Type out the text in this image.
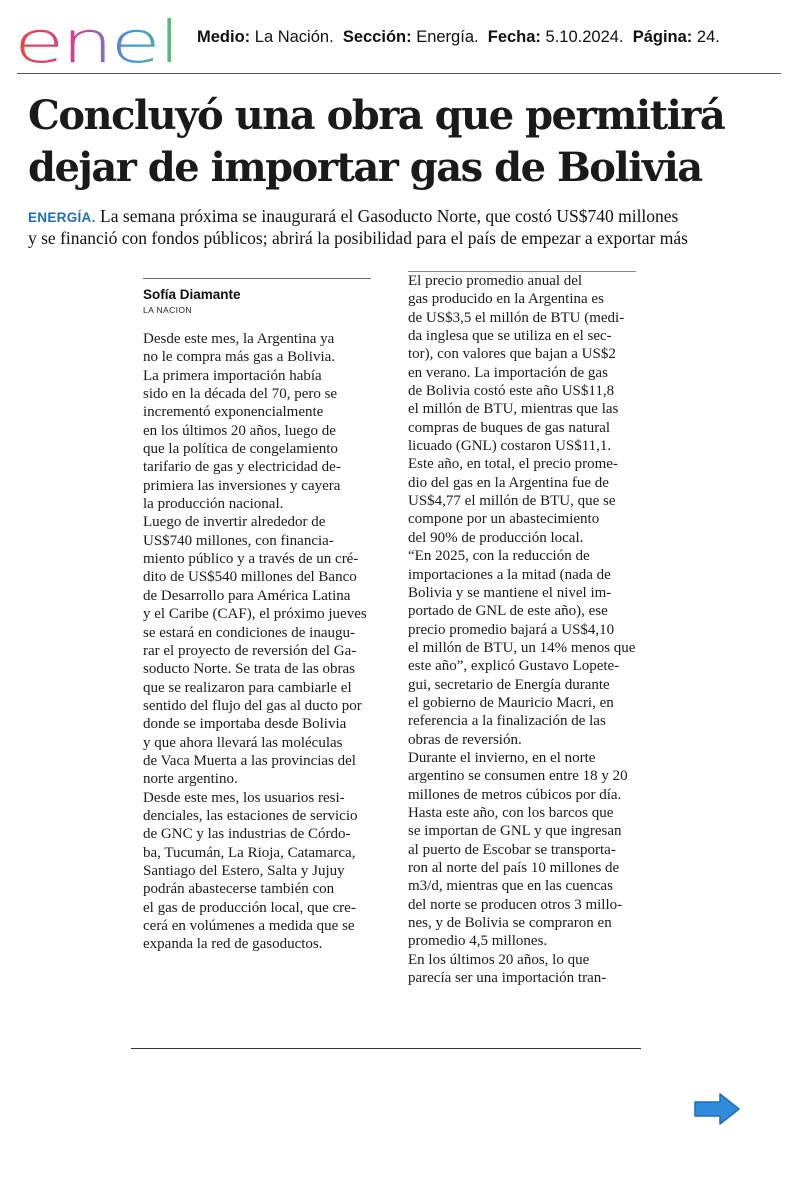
enel Medio: La Nación. Sección: Energía. Fecha: 5.10.2024. Página: 24.
Concluyó una obra que permitirá
dejar de importar gas de Bolivia
ENERGÍA. La semana próxima se inaugurará el Gasoducto Norte, que costó US$740 millones
y se financió con fondos públicos; abrirá la posibilidad para el país de empezar a exportar más
Sofía Diamante
LA NACION
Desde este mes, la Argentina ya
no le compra más gas a Bolivia.
La primera importación había
sido en la década del 70, pero se
incrementó exponencialmente
en los últimos 20 años, luego de
que la política de congelamiento
tarifario de gas y electricidad de-
primiera las inversiones y cayera
la producción nacional.
Luego de invertir alrededor de
US$740 millones, con financia-
miento público y a través de un cré-
dito de US$540 millones del Banco
de Desarrollo para América Latina
y el Caribe (CAF), el próximo jueves
se estará en condiciones de inaugu-
rar el proyecto de reversión del Ga-
soducto Norte. Se trata de las obras
que se realizaron para cambiarle el
sentido del flujo del gas al ducto por
donde se importaba desde Bolivia
y que ahora llevará las moléculas
de Vaca Muerta a las provincias del
norte argentino.
Desde este mes, los usuarios resi-
denciales, las estaciones de servicio
de GNC y las industrias de Córdo-
ba, Tucumán, La Rioja, Catamarca,
Santiago del Estero, Salta y Jujuy
podrán abastecerse también con
el gas de producción local, que cre-
cerá en volúmenes a medida que se
expanda la red de gasoductos.
El precio promedio anual del
gas producido en la Argentina es
de US$3,5 el millón de BTU (medi-
da inglesa que se utiliza en el sec-
tor), con valores que bajan a US$2
en verano. La importación de gas
de Bolivia costó este año US$11,8
el millón de BTU, mientras que las
compras de buques de gas natural
licuado (GNL) costaron US$11,1.
Este año, en total, el precio prome-
dio del gas en la Argentina fue de
US$4,77 el millón de BTU, que se
compone por un abastecimiento
del 90% de producción local.
“En 2025, con la reducción de
importaciones a la mitad (nada de
Bolivia y se mantiene el nivel im-
portado de GNL de este año), ese
precio promedio bajará a US$4,10
el millón de BTU, un 14% menos que
este año”, explicó Gustavo Lopete-
gui, secretario de Energía durante
el gobierno de Mauricio Macri, en
referencia a la finalización de las
obras de reversión.
Durante el invierno, en el norte
argentino se consumen entre 18 y 20
millones de metros cúbicos por día.
Hasta este año, con los barcos que
se importan de GNL y que ingresan
al puerto de Escobar se transporta-
ron al norte del país 10 millones de
m3/d, mientras que en las cuencas
del norte se producen otros 3 millo-
nes, y de Bolivia se compraron en
promedio 4,5 millones.
En los últimos 20 años, lo que
parecía ser una importación tran-
